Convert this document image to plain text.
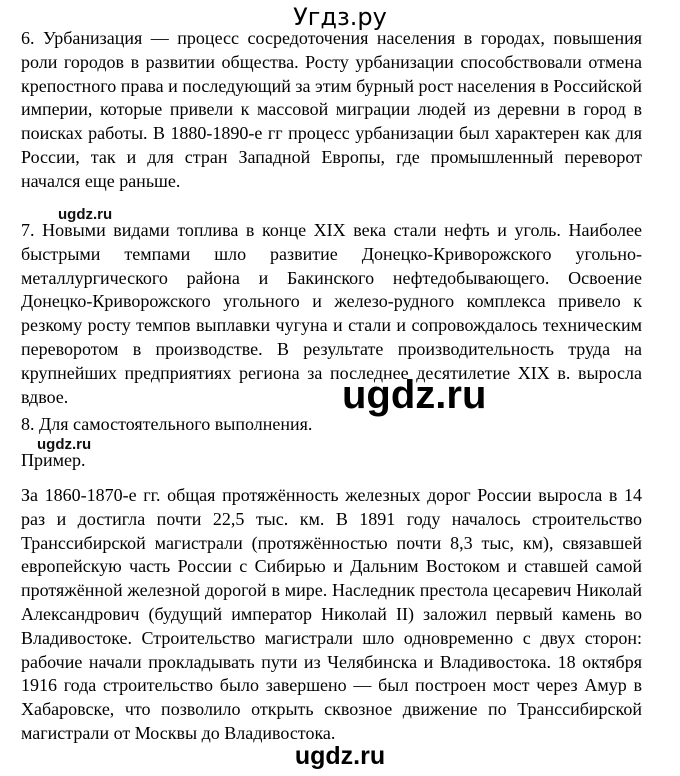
Угдз.ру

6. Урбанизация — процесс сосредоточения населения в городах, повышения роли городов в развитии общества. Росту урбанизации способствовали отмена крепостного права и последующий за этим бурный рост населения в Российской империи, которые привели к массовой миграции людей из деревни в город в поисках работы. В 1880-1890-е гг процесс урбанизации был характерен как для России, так и для стран Западной Европы, где промышленный переворот начался еще раньше.

ugdz.ru

7. Новыми видами топлива в конце XIX века стали нефть и уголь. Наиболее быстрыми темпами шло развитие Донецко-Криворожского угольно-металлургического района и Бакинского нефтедобывающего. Освоение Донецко-Криворожского угольного и железо-рудного комплекса привело к резкому росту темпов выплавки чугуна и стали и сопровождалось техническим переворотом в производстве. В результате производительность труда на крупнейших предприятиях региона за последнее десятилетие XIX в. выросла вдвое.	ugdz.ru

8. Для самостоятельного выполнения.

ugdz.ru

Пример.

За 1860-1870-е гг. общая протяжённость железных дорог России выросла в 14 раз и достигла почти 22,5 тыс. км. В 1891 году началось строительство Транссибирской магистрали (протяжённостью почти 8,3 тыс, км), связавшей европейскую часть России с Сибирью и Дальним Востоком и ставшей самой протяжённой железной дорогой в мире. Наследник престола цесаревич Николай Александрович (будущий император Николай II) заложил первый камень во Владивостоке. Строительство магистрали шло одновременно с двух сторон: рабочие начали прокладывать пути из Челябинска и Владивостока. 18 октября 1916 года строительство было завершено — был построен мост через Амур в Хабаровске, что позволило открыть сквозное движение по Транссибирской магистрали от Москвы до Владивостока.

ugdz.ru
